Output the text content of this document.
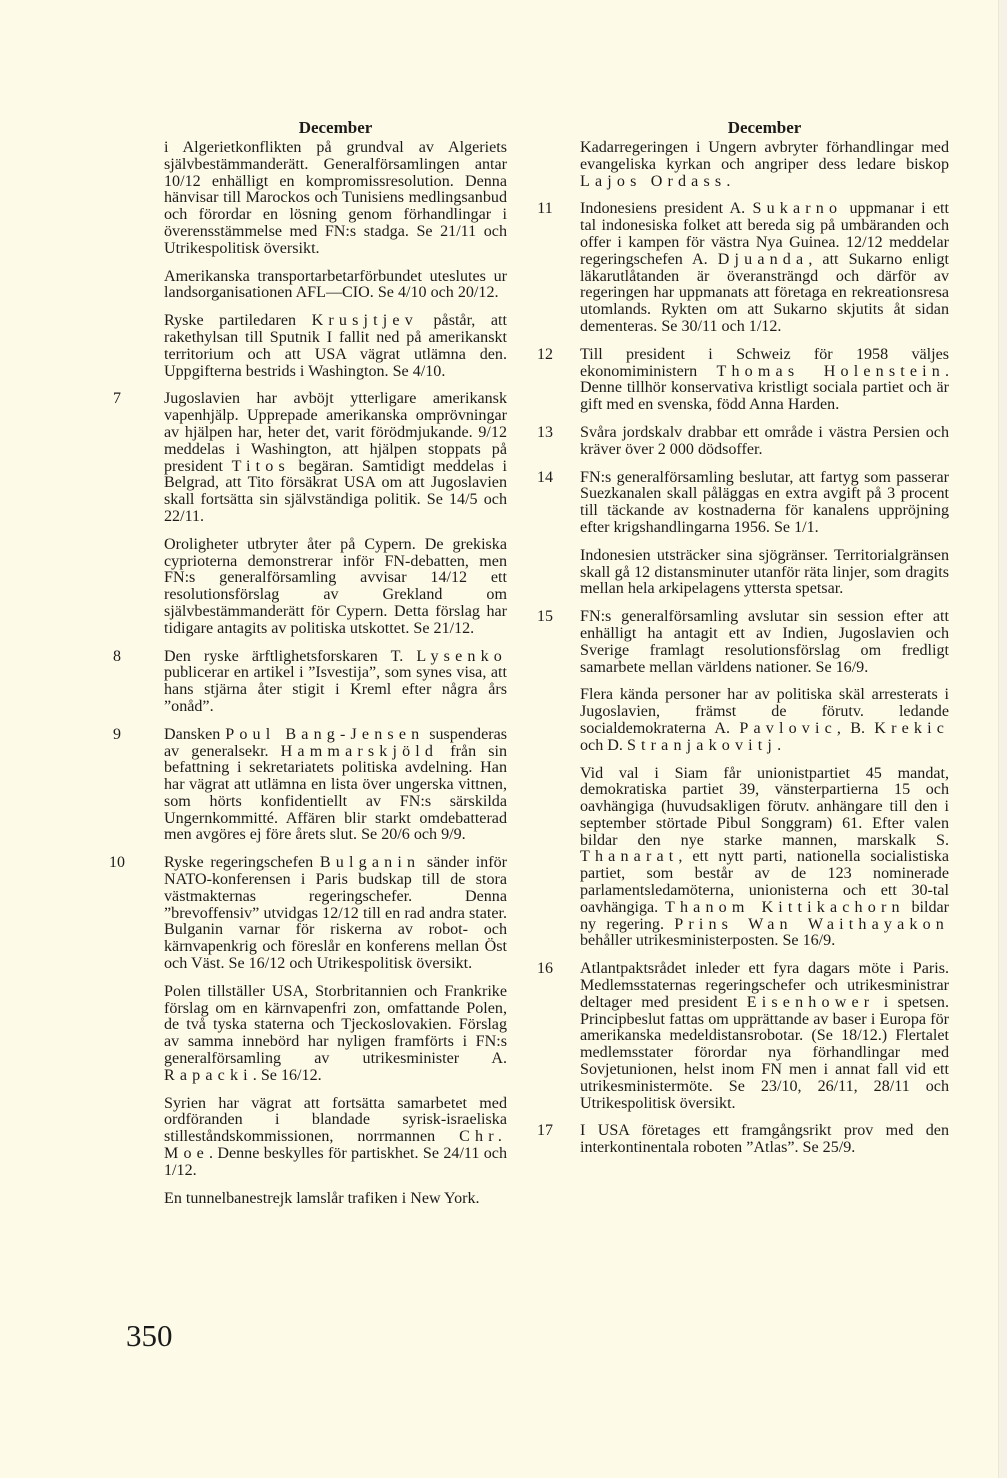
December
i Algerietkonflikten på grundval av Algeriets självbestämmanderätt. Generalförsamlingen antar 10/12 enhälligt en kompromissresolution. Denna hänvisar till Marockos och Tunisiens medlingsanbud och förordar en lösning genom förhandlingar i överensstämmelse med FN:s stadga. Se 21/11 och Utrikespolitisk översikt.
Amerikanska transportarbetarförbundet uteslutes ur landsorganisationen AFL—CIO. Se 4/10 och 20/12.
Ryske partiledaren Krusjtjev påstår, att rakethylsan till Sputnik I fallit ned på amerikanskt territorium och att USA vägrat utlämna den. Uppgifterna bestrids i Washington. Se 4/10.
7	Jugoslavien har avböjt ytterligare amerikansk vapenhjälp. Upprepade amerikanska omprövningar av hjälpen har, heter det, varit förödmjukande. 9/12 meddelas i Washington, att hjälpen stoppats på president Titos begäran. Samtidigt meddelas i Belgrad, att Tito försäkrat USA om att Jugoslavien skall fortsätta sin självständiga politik. Se 14/5 och 22/11.
Oroligheter utbryter åter på Cypern. De grekiska cyprioterna demonstrerar inför FN-debatten, men FN:s generalförsamling avvisar 14/12 ett resolutionsförslag av Grekland om självbestämmanderätt för Cypern. Detta förslag har tidigare antagits av politiska utskottet. Se 21/12.
8	Den ryske ärftlighetsforskaren T. Lysenko publicerar en artikel i ”Isvestija”, som synes visa, att hans stjärna åter stigit i Kreml efter några års ”onåd”.
9	Dansken Poul Bang-Jensen suspenderas av generalsekr. Hammarskjöld från sin befattning i sekretariatets politiska avdelning. Han har vägrat att utlämna en lista över ungerska vittnen, som hörts konfidentiellt av FN:s särskilda Ungernkommitté. Affären blir starkt omdebatterad men avgöres ej före årets slut. Se 20/6 och 9/9.
10	Ryske regeringschefen Bulganin sänder inför NATO-konferensen i Paris budskap till de stora västmakternas regeringschefer. Denna ”brevoffensiv” utvidgas 12/12 till en rad andra stater. Bulganin varnar för riskerna av robot- och kärnvapenkrig och föreslår en konferens mellan Öst och Väst. Se 16/12 och Utrikespolitisk översikt.
Polen tillställer USA, Storbritannien och Frankrike förslag om en kärnvapenfri zon, omfattande Polen, de två tyska staterna och Tjeckoslovakien. Förslag av samma innebörd har nyligen framförts i FN:s generalförsamling av utrikesminister A. Rapacki. Se 16/12.
Syrien har vägrat att fortsätta samarbetet med ordföranden i blandade syrisk-israeliska stilleståndskommissionen, norrmannen Chr. Moe. Denne beskylles för partiskhet. Se 24/11 och 1/12.
En tunnelbanestrejk lamslår trafiken i New York.
December
Kadarregeringen i Ungern avbryter förhandlingar med evangeliska kyrkan och angriper dess ledare biskop Lajos Ordass.
11	Indonesiens president A. Sukarno uppmanar i ett tal indonesiska folket att bereda sig på umbäranden och offer i kampen för västra Nya Guinea. 12/12 meddelar regeringschefen A. Djuanda, att Sukarno enligt läkarutlåtanden är överansträngd och därför av regeringen har uppmanats att företaga en rekreationsresa utomlands. Rykten om att Sukarno skjutits åt sidan dementeras. Se 30/11 och 1/12.
12	Till president i Schweiz för 1958 väljes ekonomiministern Thomas Holenstein. Denne tillhör konservativa kristligt sociala partiet och är gift med en svenska, född Anna Harden.
13	Svåra jordskalv drabbar ett område i västra Persien och kräver över 2 000 dödsoffer.
14	FN:s generalförsamling beslutar, att fartyg som passerar Suezkanalen skall påläggas en extra avgift på 3 procent till täckande av kostnaderna för kanalens uppröjning efter krigshandlingarna 1956. Se 1/1.
Indonesien utsträcker sina sjögränser. Territorialgränsen skall gå 12 distansminuter utanför räta linjer, som dragits mellan hela arkipelagens yttersta spetsar.
15	FN:s generalförsamling avslutar sin session efter att enhälligt ha antagit ett av Indien, Jugoslavien och Sverige framlagt resolutionsförslag om fredligt samarbete mellan världens nationer. Se 16/9.
Flera kända personer har av politiska skäl arresterats i Jugoslavien, främst de förutv. ledande socialdemokraterna A. Pavlovic, B. Krekic och D. Stranjakovitj.
Vid val i Siam får unionistpartiet 45 mandat, demokratiska partiet 39, vänsterpartierna 15 och oavhängiga (huvudsakligen förutv. anhängare till den i september störtade Pibul Songgram) 61. Efter valen bildar den nye starke mannen, marskalk S. Thanarat, ett nytt parti, nationella socialistiska partiet, som består av de 123 nominerade parlamentsledamöterna, unionisterna och ett 30-tal oavhängiga. Thanom Kittikachorn bildar ny regering. Prins Wan Waithayakon behåller utrikesministerposten. Se 16/9.
16	Atlantpaktsrådet inleder ett fyra dagars möte i Paris. Medlemsstaternas regeringschefer och utrikesministrar deltager med president Eisenhower i spetsen. Principbeslut fattas om upprättande av baser i Europa för amerikanska medeldistansrobotar. (Se 18/12.) Flertalet medlemsstater förordar nya förhandlingar med Sovjetunionen, helst inom FN men i annat fall vid ett utrikesministermöte. Se 23/10, 26/11, 28/11 och Utrikespolitisk översikt.
17	I USA företages ett framgångsrikt prov med den interkontinentala roboten ”Atlas”. Se 25/9.
350
